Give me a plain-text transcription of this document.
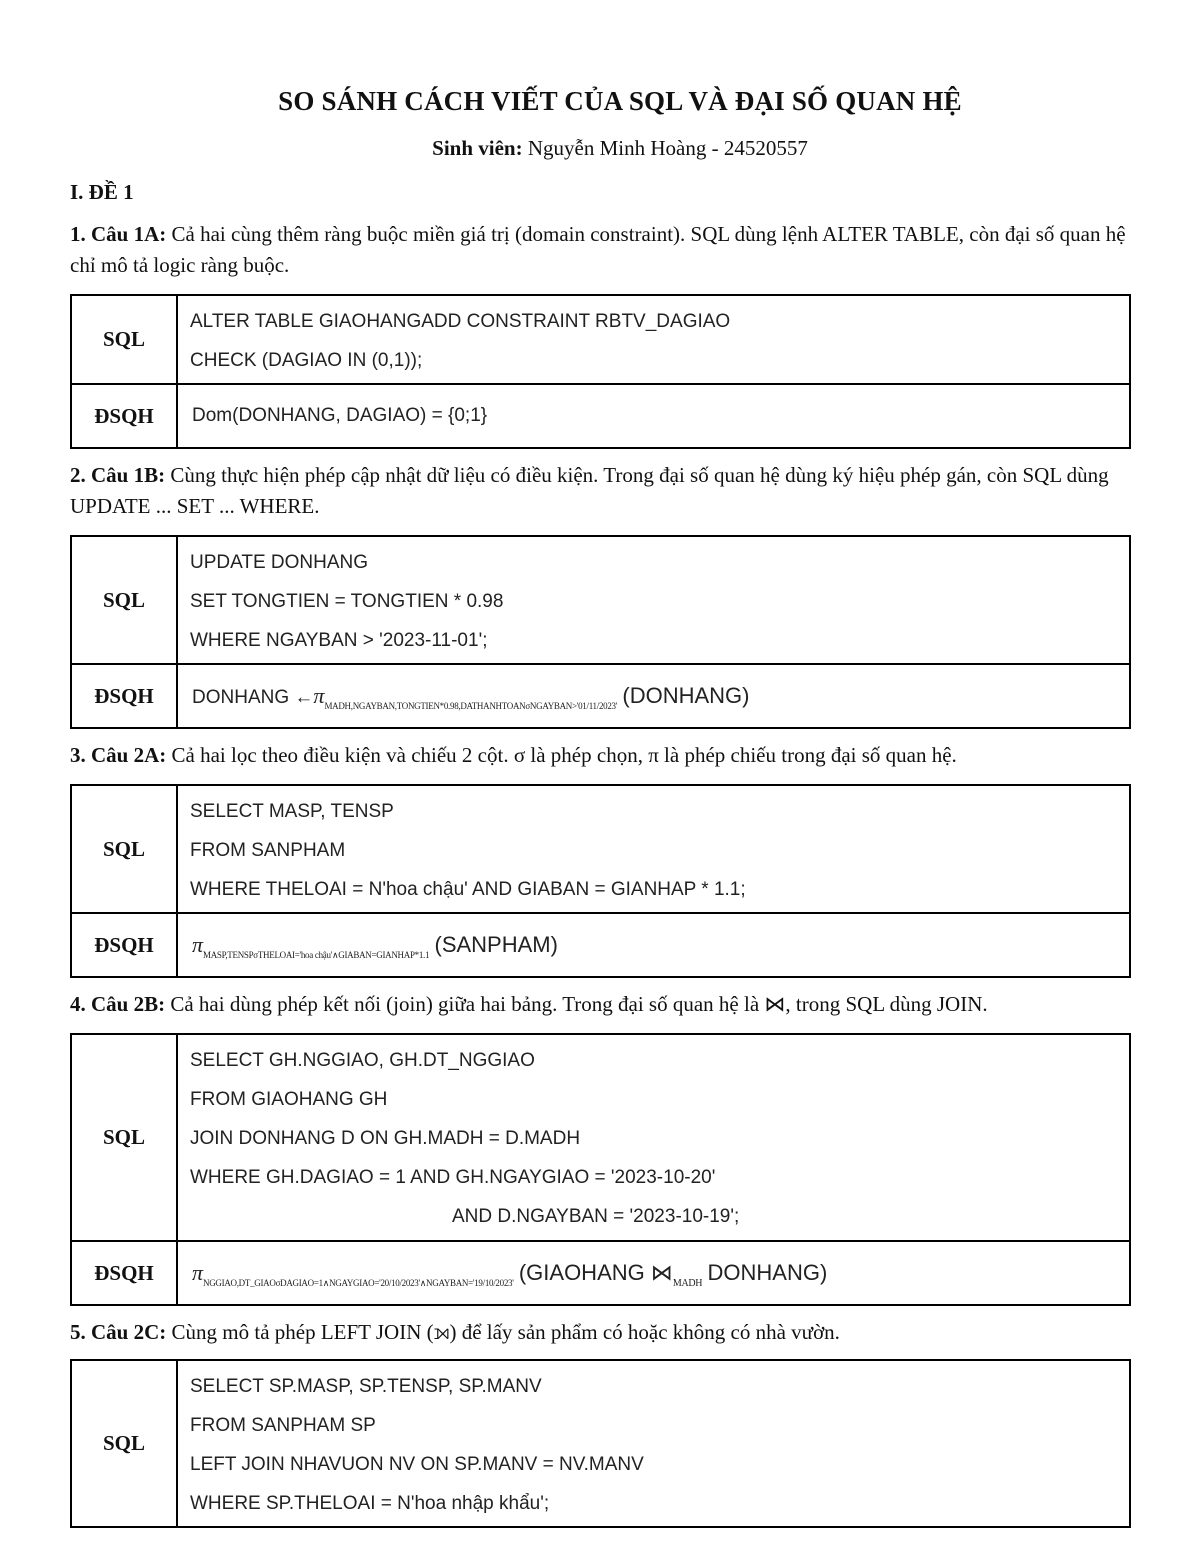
SO SÁNH CÁCH VIẾT CỦA SQL VÀ ĐẠI SỐ QUAN HỆ
Sinh viên: Nguyễn Minh Hoàng - 24520557
I. ĐỀ 1
1. Câu 1A: Cả hai cùng thêm ràng buộc miền giá trị (domain constraint). SQL dùng lệnh ALTER TABLE, còn đại số quan hệ chỉ mô tả logic ràng buộc.
SQL	ALTER TABLE GIAOHANGADD CONSTRAINT RBTV_DAGIAO
CHECK (DAGIAO IN (0,1));

ĐSQH	Dom(DONHANG, DAGIAO) = {0;1}
2. Câu 1B: Cùng thực hiện phép cập nhật dữ liệu có điều kiện. Trong đại số quan hệ dùng ký hiệu phép gán, còn SQL dùng UPDATE ... SET ... WHERE.
SQL	UPDATE DONHANG
SET TONGTIEN = TONGTIEN * 0.98
WHERE NGAYBAN > '2023-11-01';

ĐSQH	DONHANG $\leftarrow\pi_{MADH,NGAYBAN,TONGTIEN*0.98,DATHANHTOAN\sigma NGAYBAN>'01/11/2023'}$ (DONHANG)
3. Câu 2A: Cả hai lọc theo điều kiện và chiếu 2 cột. σ là phép chọn, π là phép chiếu trong đại số quan hệ.
SQL	SELECT MASP, TENSP
FROM SANPHAM
WHERE THELOAI = N'hoa chậu' AND GIABAN = GIANHAP * 1.1;

ĐSQH	$\pi_{MASP,TENSP\sigma THELOAI='hoa chậu'\wedge GIABAN=GIANHAP*1.1}$ (SANPHAM)
4. Câu 2B: Cả hai dùng phép kết nối (join) giữa hai bảng. Trong đại số quan hệ là ⋈, trong SQL dùng JOIN.
SQL	SELECT GH.NGGIAO, GH.DT_NGGIAO
FROM GIAOHANG GH
JOIN DONHANG D ON GH.MADH = D.MADH
WHERE GH.DAGIAO = 1 AND GH.NGAYGIAO = '2023-10-20'
AND D.NGAYBAN = '2023-10-19';

ĐSQH	$\pi_{NGGIAO,DT\_GIAO\sigma DAGIAO=1\wedge NGAYGIAO='20/10/2023'\wedge NGAYBAN='19/10/2023'}$ (GIAOHANG $⋈_{MADH}$ DONHANG)
5. Câu 2C: Cùng mô tả phép LEFT JOIN (⟕) để lấy sản phẩm có hoặc không có nhà vườn.
SQL	
SELECT SP.MASP, SP.TENSP, SP.MANV
FROM SANPHAM SP
LEFT JOIN NHAVUON NV ON SP.MANV = NV.MANV
WHERE SP.THELOAI = N'hoa nhập khẩu';
